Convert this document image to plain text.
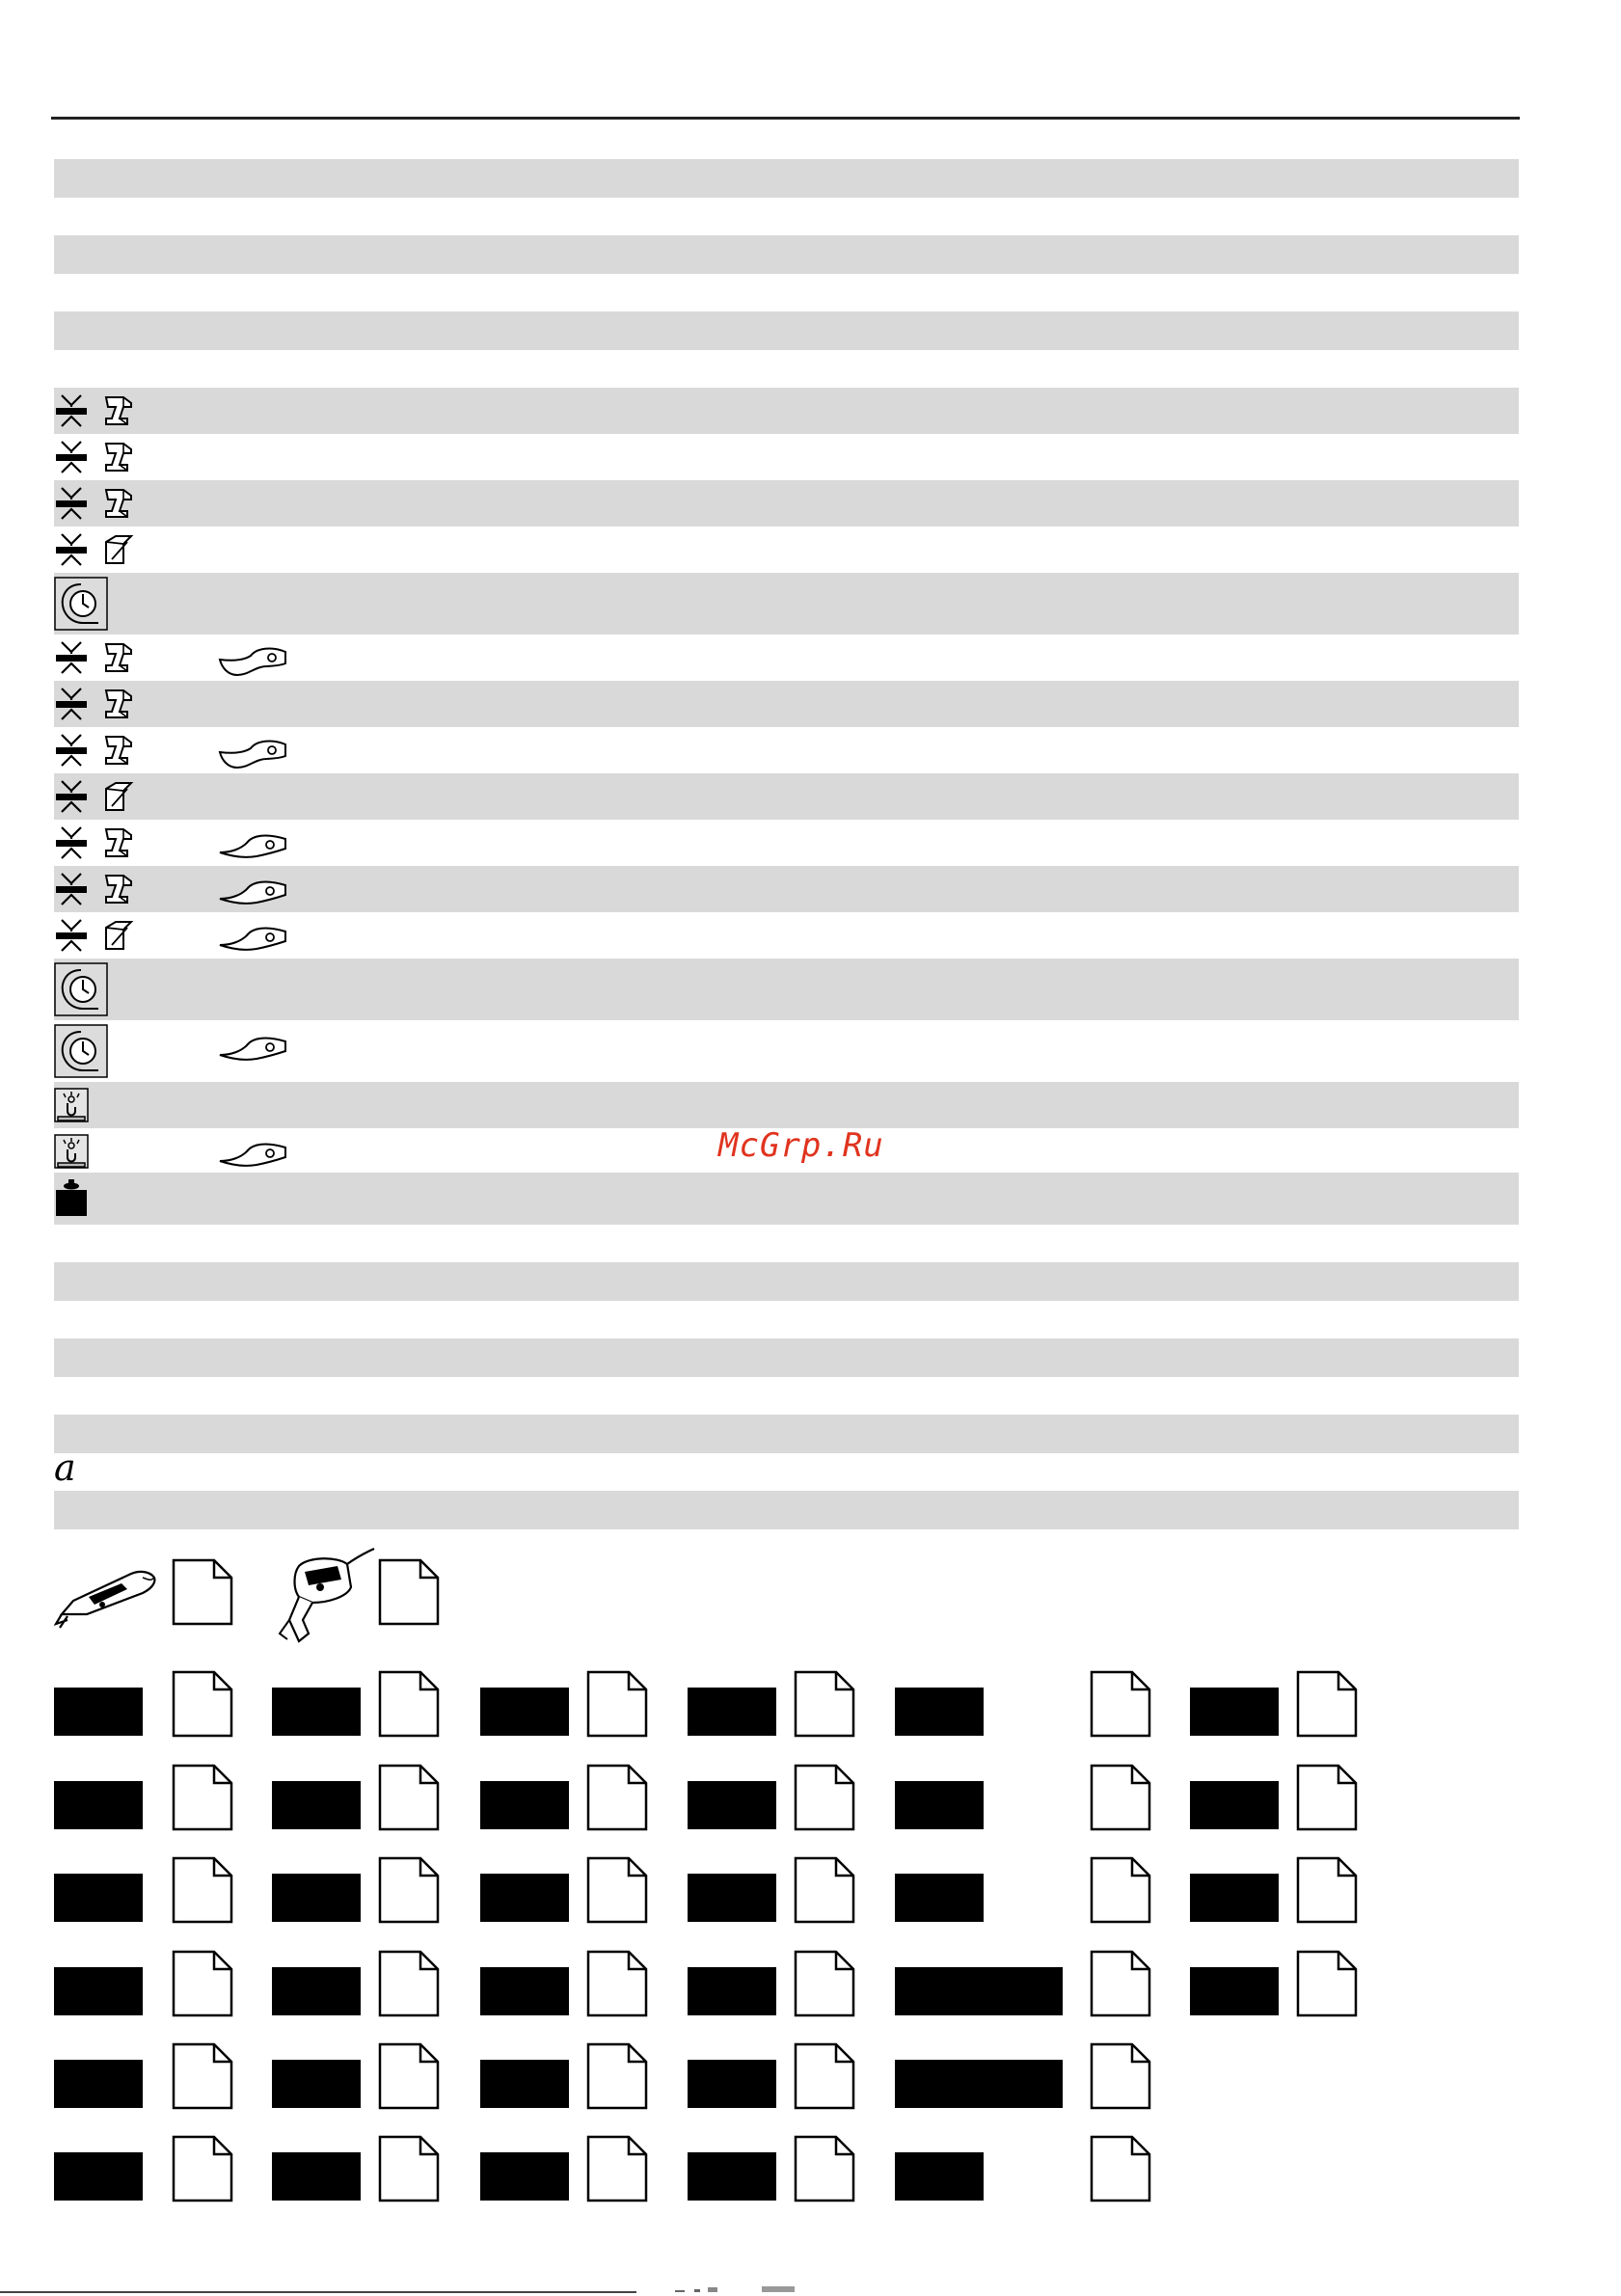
McGrp.Ru
a
